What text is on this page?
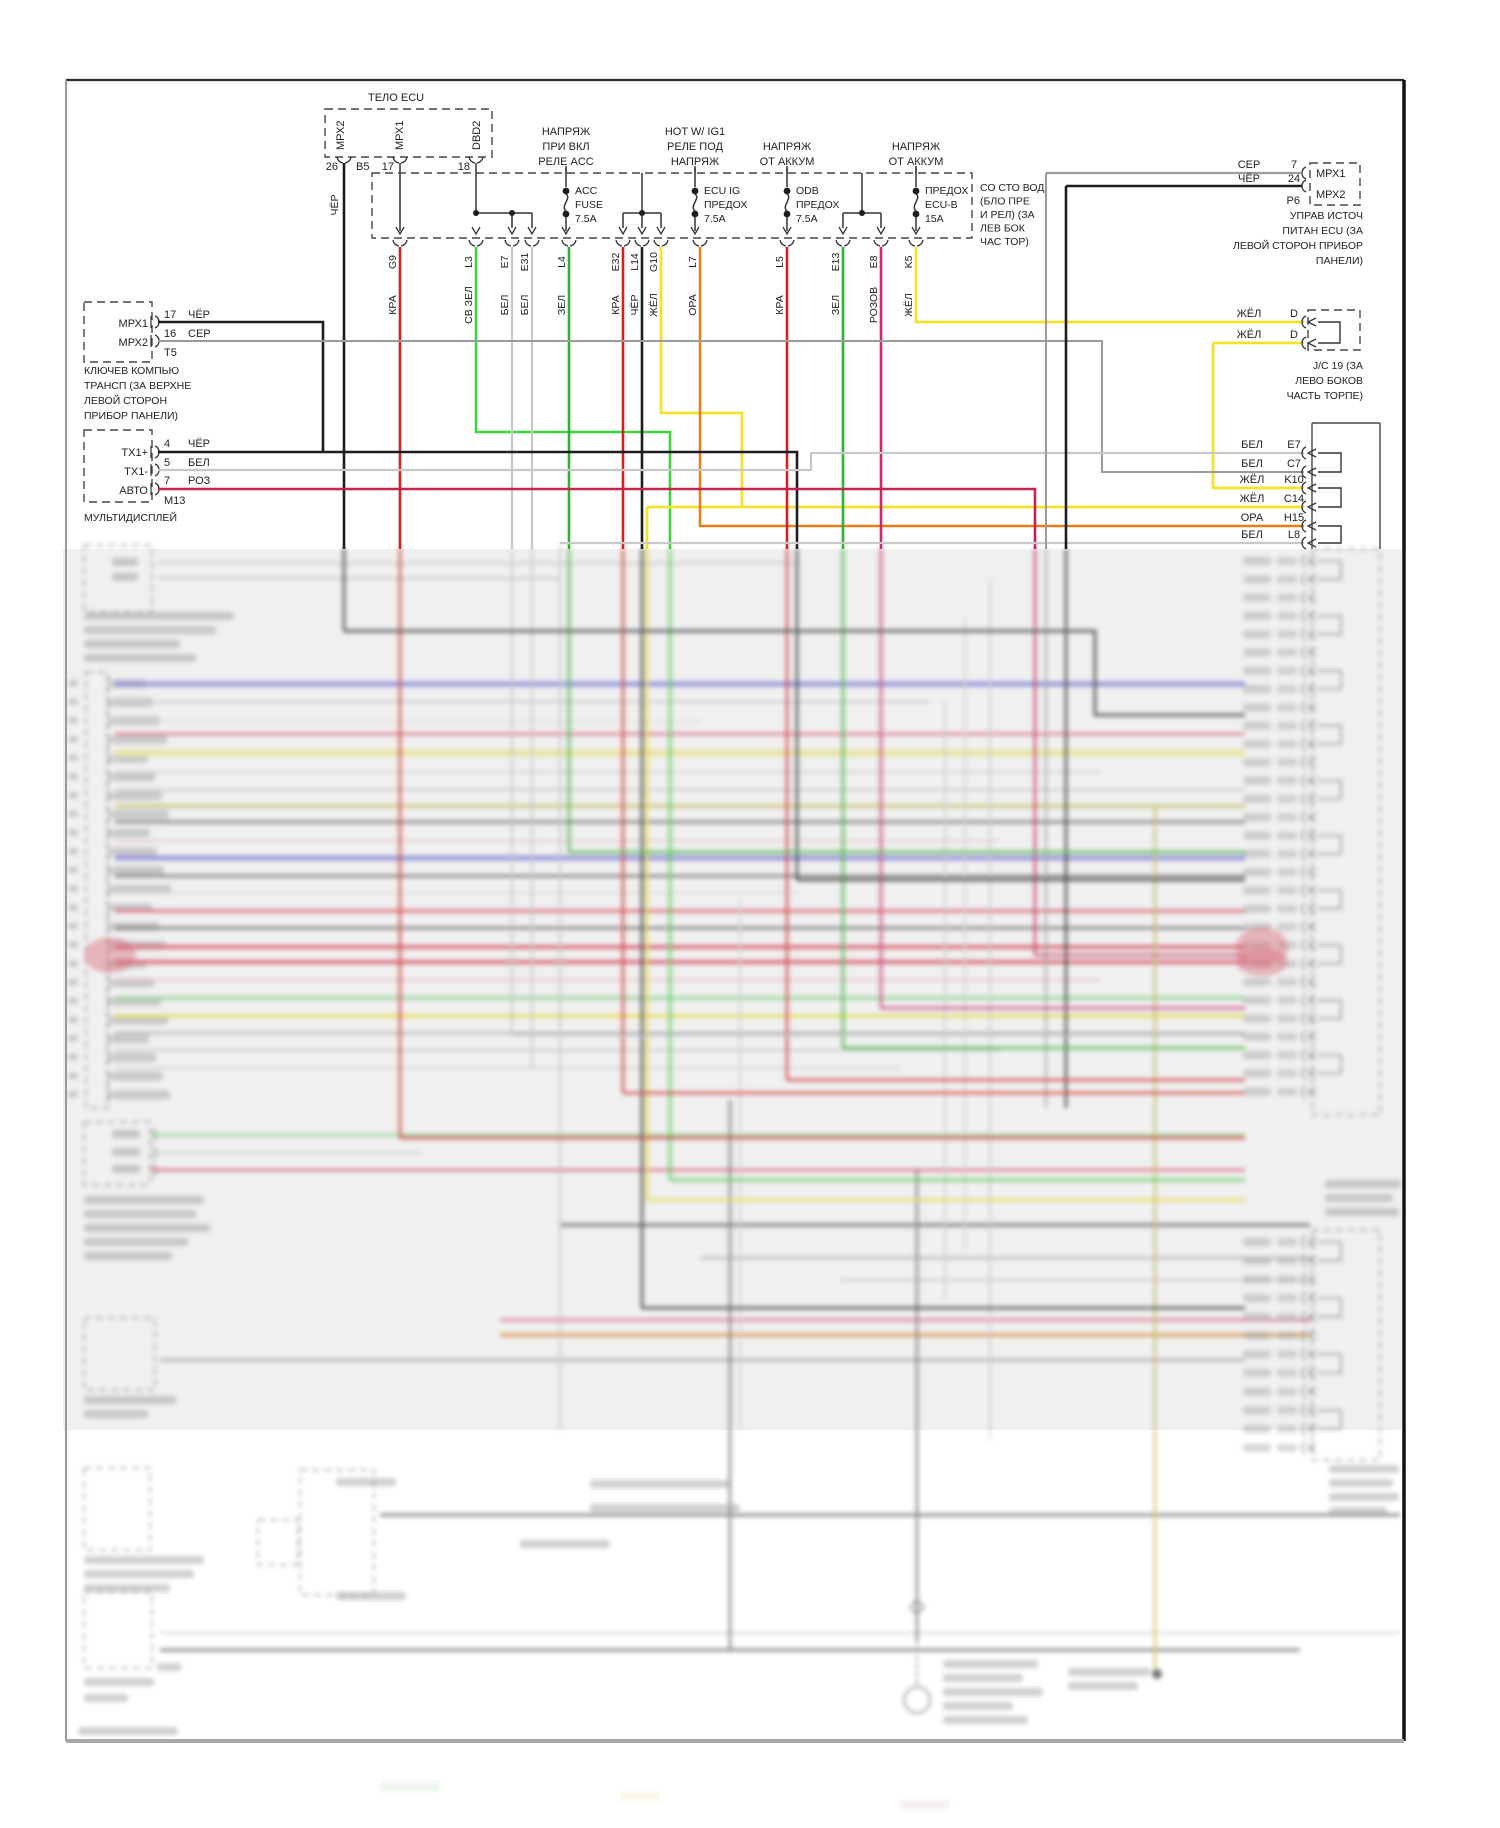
ТЕЛО ECU
МРХ2	МРХ1	DBD2
26 B5 17	18
ЧЁР
НАПРЯЖ
ПРИ ВКЛ
РЕЛЕ ACC
HOT W/ IG1
РЕЛЕ ПОД
НАПРЯЖ
НАПРЯЖ
ОТ АККУМ
НАПРЯЖ
ОТ АККУМ
ACC
FUSE
7.5A
ECU IG
ПРЕДОХ
7.5A
ODB
ПРЕДОХ
7.5A
ПРЕДОХ
ECU-B
15A
СО СТО ВОД
(БЛО ПРЕ
И РЕЛ) (ЗА
ЛЕВ БОК
ЧАС ТОР)
G9
КРА
L3
СВ ЗЕЛ
E7
БЕЛ
E31
БЕЛ
L4
ЗЕЛ
E32
КРА
L14
ЧЁР
G10
ЖЁЛ
L7
ОРА
L5
КРА
E13
ЗЕЛ
E8
РОЗОВ
K5
ЖЁЛ
МРХ1
МРХ2
17 ЧЁР
16 СЕР
Т5
КЛЮЧЕВ КОМПЬЮ
ТРАНСП (ЗА ВЕРХНЕ
ЛЕВОЙ СТОРОН
ПРИБОР ПАНЕЛИ)
ТХ1+
ТХ1-
АВТО
4 ЧЁР
5 БЕЛ
7 РОЗ
М13
МУЛЬТИДИСПЛЕЙ
МРХ1
МРХ2
СЕР	7
ЧЁР	24
P6
УПРАВ ИСТОЧ
ПИТАН ECU (ЗА
ЛЕВОЙ СТОРОН ПРИБОР
ПАНЕЛИ)
ЖЁЛ	D
ЖЁЛ	D
J/C 19 (ЗА
ЛЕВО БОКОВ
ЧАСТЬ ТОРПЕ)
БЕЛ E7
БЕЛ C7
ЖЁЛ K10
ЖЁЛ C14
ОРА H15
БЕЛ L8
